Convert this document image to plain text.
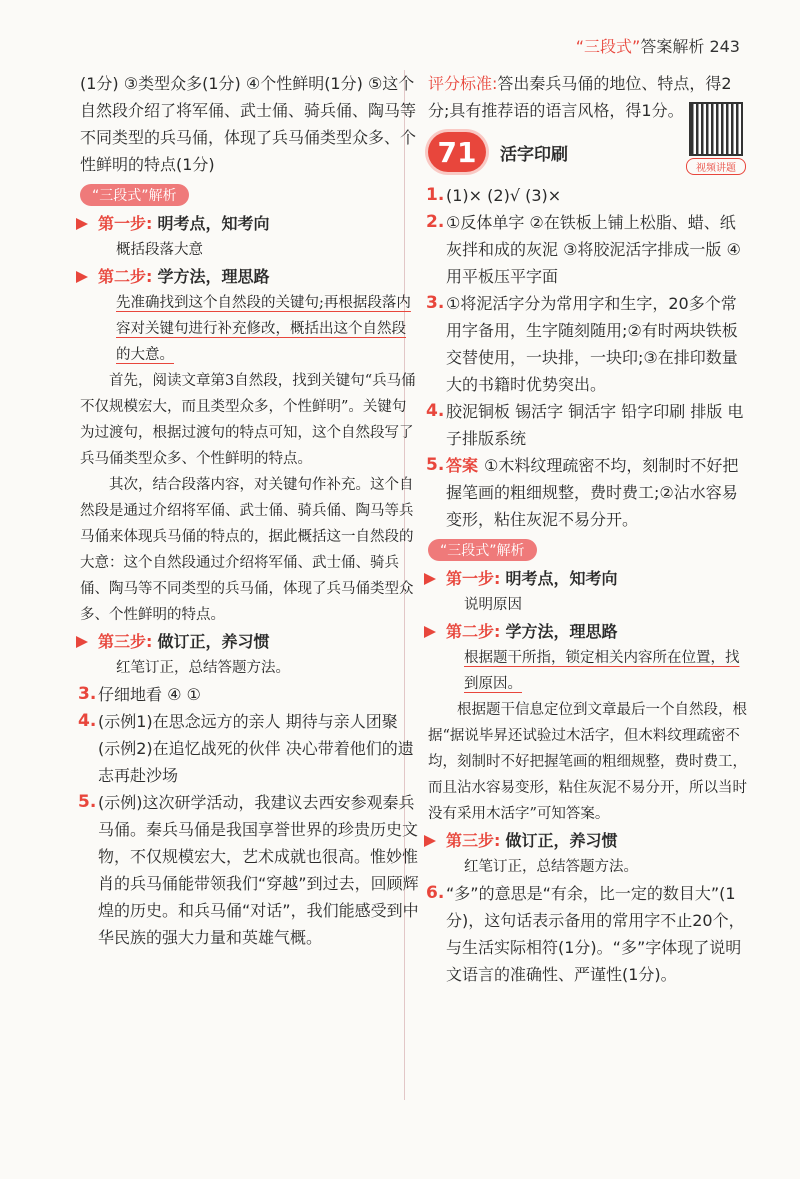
“三段式”答案解析 243

(1分) ③类型众多(1分) ④个性鲜明(1分) ⑤这个自然段介绍了将军俑、武士俑、骑兵俑、陶马等不同类型的兵马俑，体现了兵马俑类型众多、个性鲜明的特点(1分)

“三段式”解析
第一步: 明考点，知考向

概括段落大意

第二步: 学方法，理思路

先准确找到这个自然段的关键句;再根据段落内容对关键句进行补充修改，概括出这个自然段的大意。

首先，阅读文章第3自然段，找到关键句“兵马俑不仅规模宏大，而且类型众多，个性鲜明”。关键句为过渡句，根据过渡句的特点可知，这个自然段写了兵马俑类型众多、个性鲜明的特点。

其次，结合段落内容，对关键句作补充。这个自然段是通过介绍将军俑、武士俑、骑兵俑、陶马等兵马俑来体现兵马俑的特点的，据此概括这一自然段的大意：这个自然段通过介绍将军俑、武士俑、骑兵俑、陶马等不同类型的兵马俑，体现了兵马俑类型众多、个性鲜明的特点。

第三步: 做订正，养习惯

红笔订正，总结答题方法。

3. 仔细地看 ④ ①
4. (示例1)在思念远方的亲人 期待与亲人团聚

(示例2)在追忆战死的伙伴 决心带着他们的遗志再赴沙场

5. (示例)这次研学活动，我建议去西安参观秦兵马俑。秦兵马俑是我国享誉世界的珍贵历史文物，不仅规模宏大，艺术成就也很高。惟妙惟肖的兵马俑能带领我们“穿越”到过去，回顾辉煌的历史。和兵马俑“对话”，我们能感受到中华民族的强大力量和英雄气概。

评分标准:答出秦兵马俑的地位、特点，得2分;具有推荐语的语言风格，得1分。

71	活字印刷
视频讲题
1. (1)× (2)√ (3)×
2. ①反体单字 ②在铁板上铺上松脂、蜡、纸灰拌和成的灰泥 ③将胶泥活字排成一版 ④用平板压平字面
3. ①将泥活字分为常用字和生字，20多个常用字备用，生字随刻随用;②有时两块铁板交替使用，一块排，一块印;③在排印数量大的书籍时优势突出。
4. 胶泥铜板 锡活字 铜活字 铅字印刷 排版 电子排版系统
5. 答案 ①木料纹理疏密不均，刻制时不好把握笔画的粗细规整，费时费工;②沾水容易变形，粘住灰泥不易分开。
“三段式”解析
第一步: 明考点，知考向

说明原因

第二步: 学方法，理思路

根据题干所指，锁定相关内容所在位置，找到原因。

根据题干信息定位到文章最后一个自然段，根据“据说毕昇还试验过木活字，但木料纹理疏密不均，刻制时不好把握笔画的粗细规整，费时费工，而且沾水容易变形，粘住灰泥不易分开，所以当时没有采用木活字”可知答案。

第三步: 做订正，养习惯

红笔订正，总结答题方法。

6. “多”的意思是“有余，比一定的数目大”(1分)，这句话表示备用的常用字不止20个，与生活实际相符(1分)。“多”字体现了说明文语言的准确性、严谨性(1分)。
